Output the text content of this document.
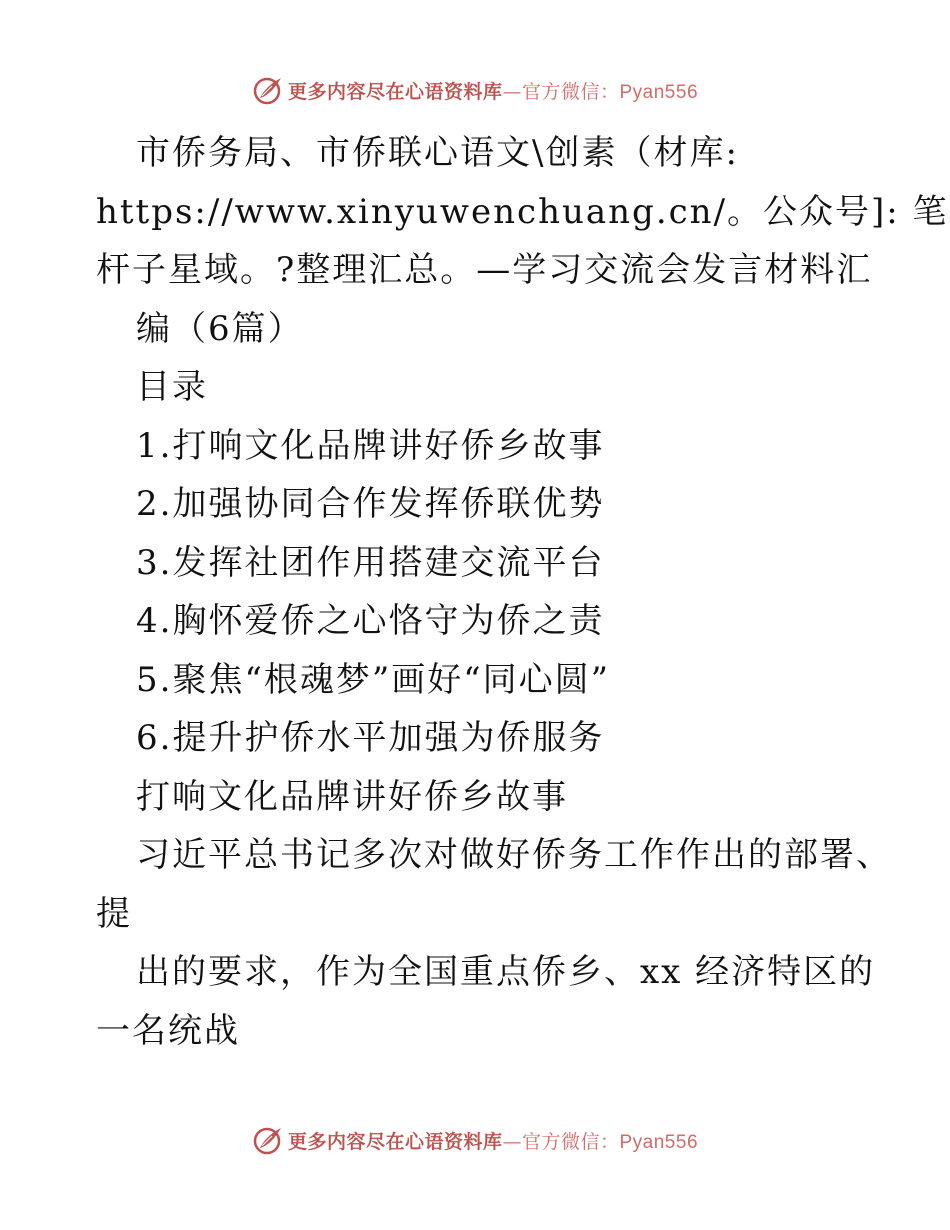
更多内容尽在心语资料库—官方微信：Pyan556
市侨务局、市侨联心语文\创素（材库:
https://www.xinyuwenchuang.cn/。公众号]: 笔
杆子星域。?整理汇总。—学习交流会发言材料汇
编（6篇）
目录
1.打响文化品牌讲好侨乡故事
2.加强协同合作发挥侨联优势
3.发挥社团作用搭建交流平台
4.胸怀爱侨之心恪守为侨之责
5.聚焦“根魂梦”画好“同心圆”
6.提升护侨水平加强为侨服务
打响文化品牌讲好侨乡故事
习近平总书记多次对做好侨务工作作出的部署、
提
出的要求，作为全国重点侨乡、xx 经济特区的
一名统战
更多内容尽在心语资料库—官方微信：Pyan556
